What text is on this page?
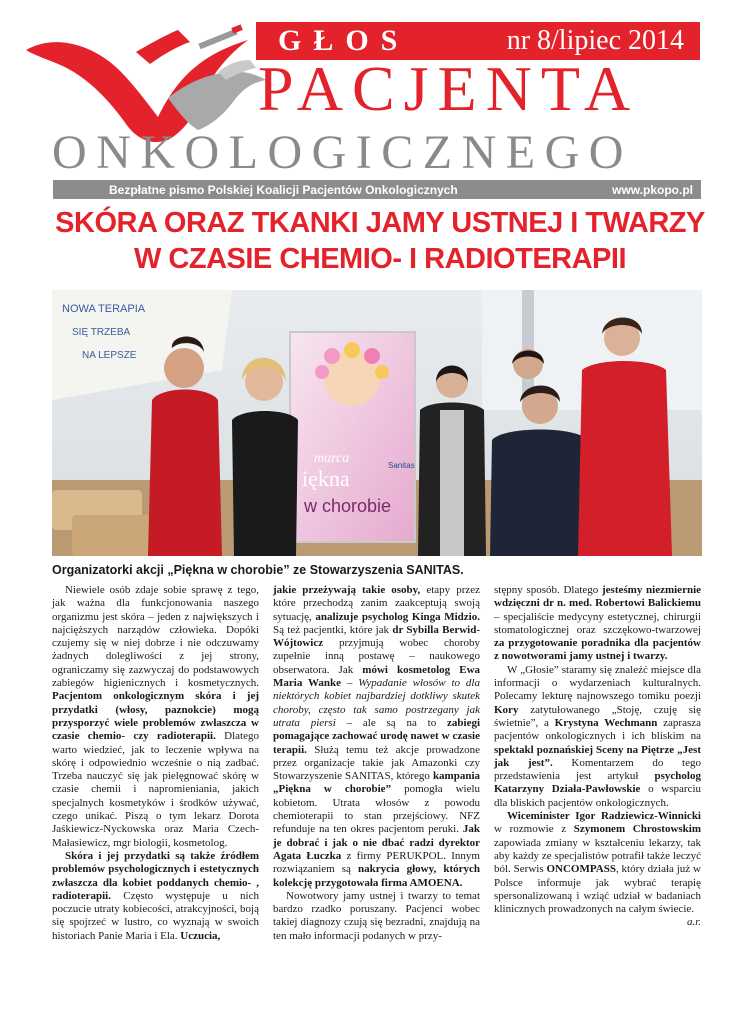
GŁOS	nr 8/lipiec 2014
PACJENTA
ONKOLOGICZNEGO
Bezpłatne pismo Polskiej Koalicji Pacjentów Onkologicznych	www.pkopo.pl
SKÓRA ORAZ TKANKI JAMY USTNEJ I TWARZY
W CZASIE CHEMIO- I RADIOTERAPII
NOWA TERAPIA
SIĘ TRZEBA
NA LEPSZE
marca
iękna
w chorobie
Sanitas
Organizatorki akcji „Piękna w chorobie” ze Stowarzyszenia SANITAS.

Niewiele osób zdaje sobie sprawę z tego, jak ważna dla funkcjonowania naszego organizmu jest skóra – jeden z największych i najcięższych narządów człowieka. Dopóki czujemy się w niej dobrze i nie odczuwamy żadnych dolegliwości z jej strony, ograniczamy się zazwyczaj do podstawowych zabiegów higienicznych i kosmetycznych. Pacjentom onkologicznym skóra i jej przydatki (włosy, paznokcie) mogą przysporzyć wiele problemów zwłaszcza w czasie chemio- czy radioterapii. Dlatego warto wiedzieć, jak to leczenie wpływa na skórę i odpowiednio wcześnie o nią zadbać. Trzeba nauczyć się jak pielęgnować skórę w czasie chemii i napromieniania, jakich specjalnych kosmetyków i środków używać, czego unikać. Piszą o tym lekarz Dorota Jaśkiewicz-Nyckowska oraz Maria Czech-Małasiewicz, mgr biologii, kosmetolog.

Skóra i jej przydatki są także źródłem problemów psychologicznych i estetycznych zwłaszcza dla kobiet poddanych chemio- , radioterapii. Często występuje u nich poczucie utraty kobiecości, atrakcyjności, boją się spojrzeć w lustro, co wyznają w swoich historiach Panie Maria i Ela. Uczucia,

jakie przeżywają takie osoby, etapy przez które przechodzą zanim zaakceptują swoją sytuację, analizuje psycholog Kinga Midzio. Są też pacjentki, które jak dr Sybilla Berwid-Wójtowicz przyjmują wobec choroby zupełnie inną postawę – naukowego obserwatora. Jak mówi kosmetolog Ewa Maria Wanke – Wypadanie włosów to dla niektórych kobiet najbardziej dotkliwy skutek choroby, często tak samo postrzegany jak utrata piersi – ale są na to zabiegi pomagające zachować urodę nawet w czasie terapii. Służą temu też akcje prowadzone przez organizacje takie jak Amazonki czy Stowarzyszenie SANITAS, którego kampania „Piękna w chorobie” pomogła wielu kobietom. Utrata włosów z powodu chemioterapii to stan przejściowy. NFZ refunduje na ten okres pacjentom peruki. Jak je dobrać i jak o nie dbać radzi dyrektor Agata Łuczka z firmy PERUKPOL. Innym rozwiązaniem są nakrycia głowy, których kolekcję przygotowała firma AMOENA.

Nowotwory jamy ustnej i twarzy to temat bardzo rzadko poruszany. Pacjenci wobec takiej diagnozy czują się bezradni, znajdują na ten mało informacji podanych w przy-

stępny sposób. Dlatego jesteśmy niezmiernie wdzięczni dr n. med. Robertowi Balickiemu – specjaliście medycyny estetycznej, chirurgii stomatologicznej oraz szczękowo-twarzowej za przygotowanie poradnika dla pacjentów z nowotworami jamy ustnej i twarzy.

W „Głosie” staramy się znaleźć miejsce dla informacji o wydarzeniach kulturalnych. Polecamy lekturę najnowszego tomiku poezji Kory zatytułowanego „Stoję, czuję się świetnie”, a Krystyna Wechmann zaprasza pacjentów onkologicznych i ich bliskim na spektakl poznańskiej Sceny na Piętrze „Jest jak jest”. Komentarzem do tego przedstawienia jest artykuł psycholog Katarzyny Działa-Pawłowskie o wsparciu dla bliskich pacjentów onkologicznych.

Wiceminister Igor Radziewicz-Winnicki w rozmowie z Szymonem Chrostowskim zapowiada zmiany w kształceniu lekarzy, tak aby każdy ze specjalistów potrafił także leczyć ból. Serwis ONCOMPASS, który działa już w Polsce informuje jak wybrać terapię spersonalizowaną i wziąć udział w badaniach klinicznych prowadzonych na całym świecie.

a.r.
